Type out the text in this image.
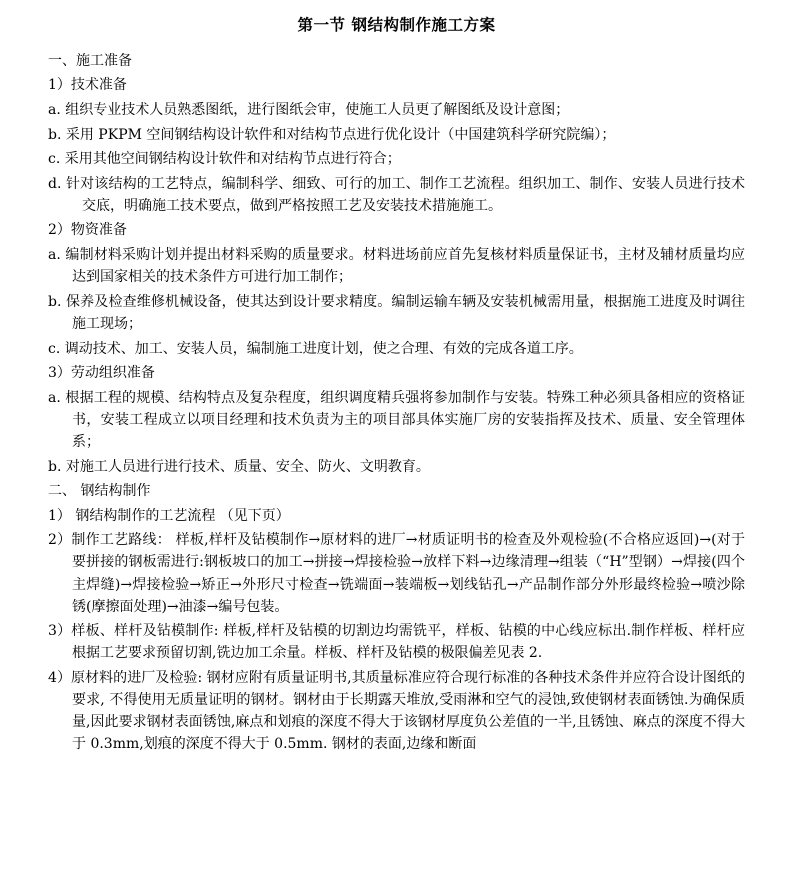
第一节 钢结构制作施工方案
一、施工准备
1）技术准备
a. 组织专业技术人员熟悉图纸，进行图纸会审，使施工人员更了解图纸及设计意图；
b. 采用 PKPM 空间钢结构设计软件和对结构节点进行优化设计（中国建筑科学研究院编）；
c. 采用其他空间钢结构设计软件和对结构节点进行符合；
d. 针对该结构的工艺特点，编制科学、细致、可行的加工、制作工艺流程。组织加工、制作、安装人员进行技术交底，明确施工技术要点，做到严格按照工艺及安装技术措施施工。
2）物资准备
a. 编制材料采购计划并提出材料采购的质量要求。材料进场前应首先复核材料质量保证书，主材及辅材质量均应达到国家相关的技术条件方可进行加工制作；
b. 保养及检查维修机械设备，使其达到设计要求精度。编制运输车辆及安装机械需用量，根据施工进度及时调往施工现场；
c. 调动技术、加工、安装人员，编制施工进度计划，使之合理、有效的完成各道工序。
3）劳动组织准备
a. 根据工程的规模、结构特点及复杂程度，组织调度精兵强将参加制作与安装。特殊工种必须具备相应的资格证书，安装工程成立以项目经理和技术负责为主的项目部具体实施厂房的安装指挥及技术、质量、安全管理体系；
b. 对施工人员进行进行技术、质量、安全、防火、文明教育。
二、 钢结构制作
1） 钢结构制作的工艺流程 （见下页）
2）制作工艺路线： 样板,样杆及钻模制作→原材料的进厂→材质证明书的检查及外观检验(不合格应返回)→(对于要拼接的钢板需进行:钢板坡口的加工→拼接→焊接检验→放样下料→边缘清理→组装（“H”型钢）→焊接(四个主焊缝)→焊接检验→矫正→外形尺寸检查→铣端面→装端板→划线钻孔→产品制作部分外形最终检验→喷沙除锈(摩擦面处理)→油漆→编号包装。
3）样板、样杆及钻模制作: 样板,样杆及钻模的切割边均需铣平，样板、钻模的中心线应标出.制作样板、样杆应根据工艺要求预留切割,铣边加工余量。样板、样杆及钻模的极限偏差见表 2.
4）原材料的进厂及检验: 钢材应附有质量证明书,其质量标准应符合现行标准的各种技术条件并应符合设计图纸的要求, 不得使用无质量证明的钢材。钢材由于长期露天堆放,受雨淋和空气的浸蚀,致使钢材表面锈蚀.为确保质量,因此要求钢材表面锈蚀,麻点和划痕的深度不得大于该钢材厚度负公差值的一半,且锈蚀、麻点的深度不得大于 0.3mm,划痕的深度不得大于 0.5mm. 钢材的表面,边缘和断面
